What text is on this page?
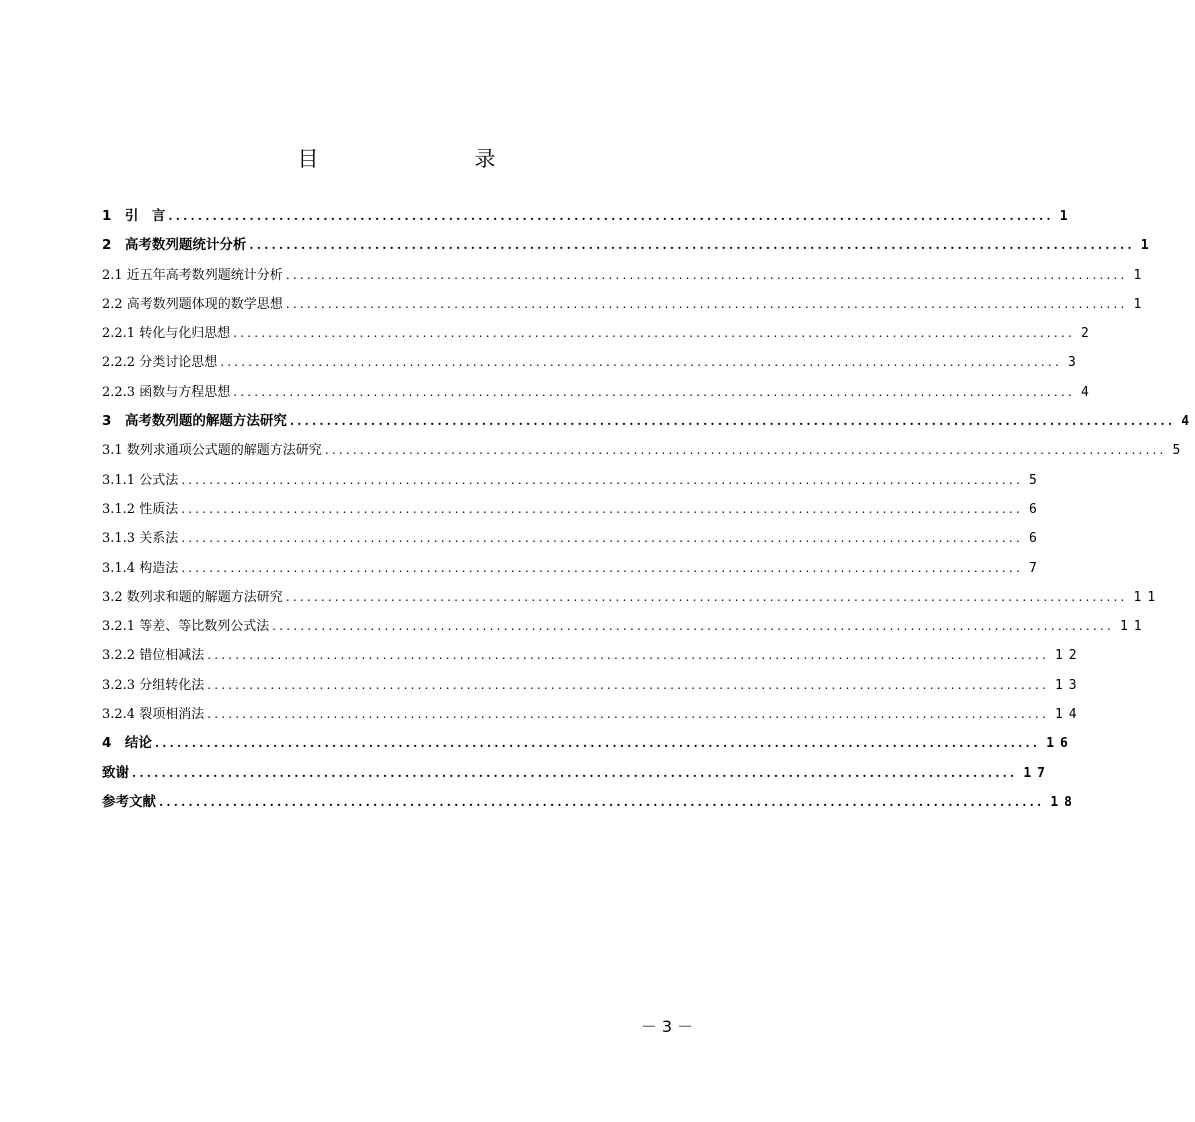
目　　录
1　引　言 ........................................................................................................................ 1
2　高考数列题统计分析 ........................................................................................................................ 1
2.1 近五年高考数列题统计分析 ........................................................................................................................ 1
2.2 高考数列题体现的数学思想 ........................................................................................................................ 1
2.2.1 转化与化归思想 ........................................................................................................................ 2
2.2.2 分类讨论思想 ........................................................................................................................ 3
2.2.3 函数与方程思想 ........................................................................................................................ 4
3　高考数列题的解题方法研究 ........................................................................................................................ 4
3.1 数列求通项公式题的解题方法研究 ........................................................................................................................ 5
3.1.1 公式法 ........................................................................................................................ 5
3.1.2 性质法 ........................................................................................................................ 6
3.1.3 关系法 ........................................................................................................................ 6
3.1.4 构造法 ........................................................................................................................ 7
3.2 数列求和题的解题方法研究 ........................................................................................................................ 11
3.2.1 等差、等比数列公式法 ........................................................................................................................ 11
3.2.2 错位相减法 ........................................................................................................................ 12
3.2.3 分组转化法 ........................................................................................................................ 13
3.2.4 裂项相消法 ........................................................................................................................ 14
4　结论 ........................................................................................................................ 16
致谢 ........................................................................................................................ 17
参考文献 ........................................................................................................................ 18
－ 3 －
